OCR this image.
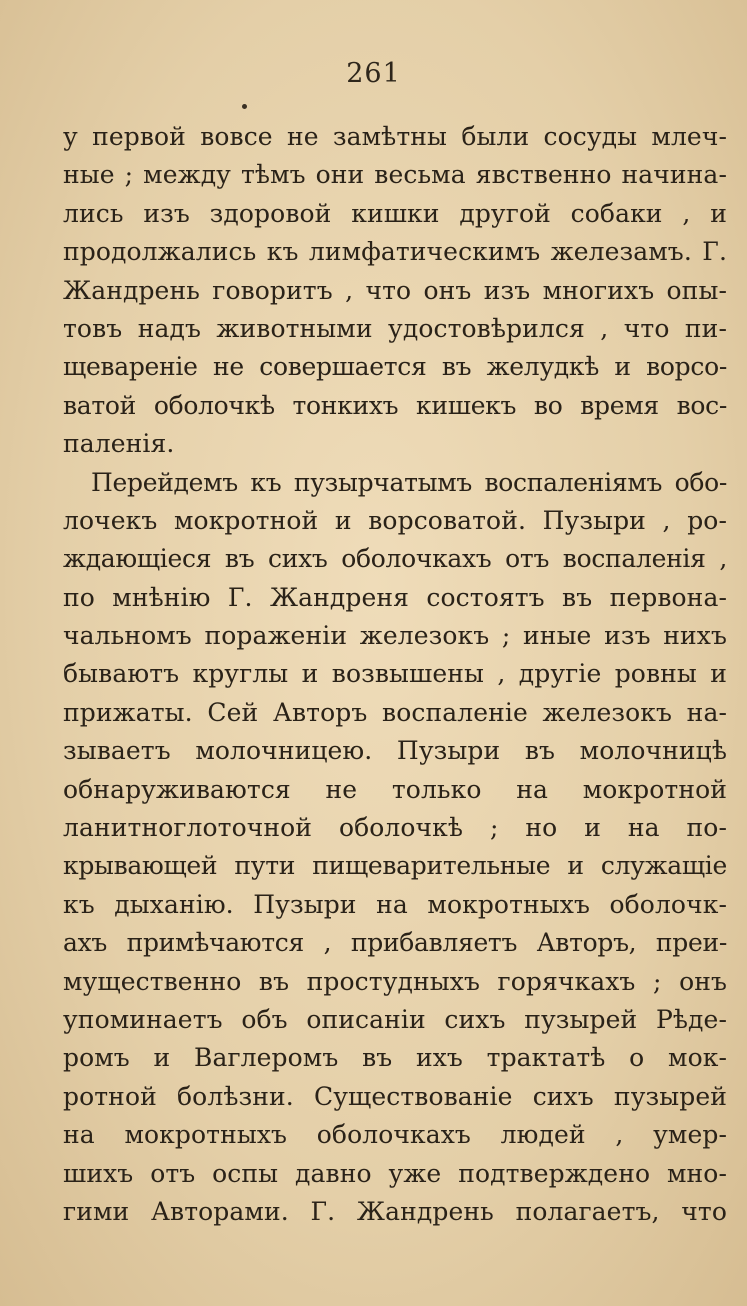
261
у первой вовсе не замѣтны были сосуды млеч-
ные ; между тѣмъ они весьма явственно начина-
лись изъ здоровой кишки другой собаки , и
продолжались къ лимфатическимъ железамъ. Г.
Жандрень говоритъ , что онъ изъ многихъ опы-
товъ надъ животными удостовѣрился , что пи-
щевареніе не совершается въ желудкѣ и ворсо-
ватой оболочкѣ тонкихъ кишекъ во время вос-
паленія.
Перейдемъ къ пузырчатымъ воспаленіямъ обо-
лочекъ мокротной и ворсоватой. Пузыри , ро-
ждающіеся въ сихъ оболочкахъ отъ воспаленія ,
по мнѣнію Г. Жандреня состоятъ въ первона-
чальномъ пораженіи железокъ ; иные изъ нихъ
бываютъ круглы и возвышены , другіе ровны и
прижаты. Сей Авторъ воспаленіе железокъ на-
зываетъ молочницею. Пузыри въ молочницѣ
обнаруживаются не только на мокротной
ланитноглоточной оболочкѣ ; но и на по-
крывающей пути пищеварительные и служащіе
къ дыханію. Пузыри на мокротныхъ оболочк-
ахъ примѣчаются , прибавляетъ Авторъ, преи-
мущественно въ простудныхъ горячкахъ ; онъ
упоминаетъ объ описаніи сихъ пузырей Рѣде-
ромъ и Ваглеромъ въ ихъ трактатѣ о мок-
ротной болѣзни. Существованіе сихъ пузырей
на мокротныхъ оболочкахъ людей , умер-
шихъ отъ оспы давно уже подтверждено мно-
гими Авторами. Г. Жандрень полагаетъ, что
